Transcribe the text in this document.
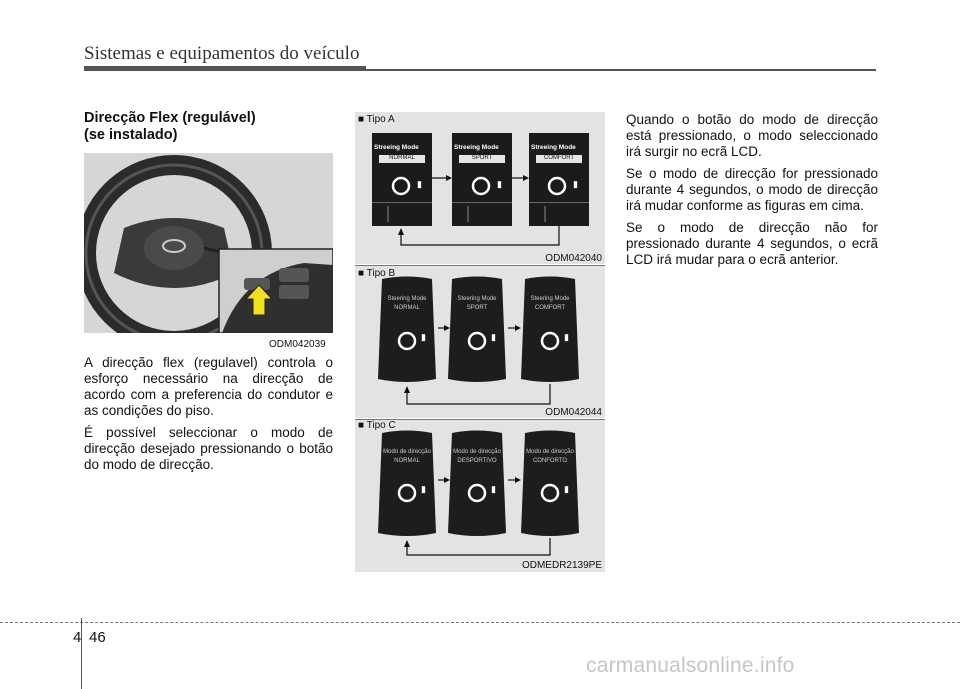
Sistemas e equipamentos do veículo
Direcção Flex (regulável)
(se instalado)
ODM042039

A direcção flex (regulavel) controla o esforço necessário na direcção de acordo com a preferencia do condutor e as condições do piso.

É possível seleccionar o modo de direcção desejado pressionando o botão do modo de direcção.

■ Tipo A
Streeing Mode	Streeing Mode	Streeing Mode
NORMAL	SPORT	COMFORT
▮	▮	▮
ODM042040
■ Tipo B
Steering Mode	Steering Mode	Steering Mode
NORMAL	SPORT	COMFORT
▮	▮	▮
ODM042044
■ Tipo C
Modo de direcção	Modo de direcção	Modo de direcção
NORMAL	DESPORTIVO	CONFORTO
▮	▮	▮
ODMEDR2139PE

Quando o botão do modo de direcção está pressionado, o modo seleccionado irá surgir no ecrã LCD.

Se o modo de direcção for pressionado durante 4 segundos, o modo de direcção irá mudar conforme as figuras em cima.

Se o modo de direcção não for pressionado durante 4 segundos, o ecrã LCD irá mudar para o ecrã anterior.

4 46
carmanualsonline.info
